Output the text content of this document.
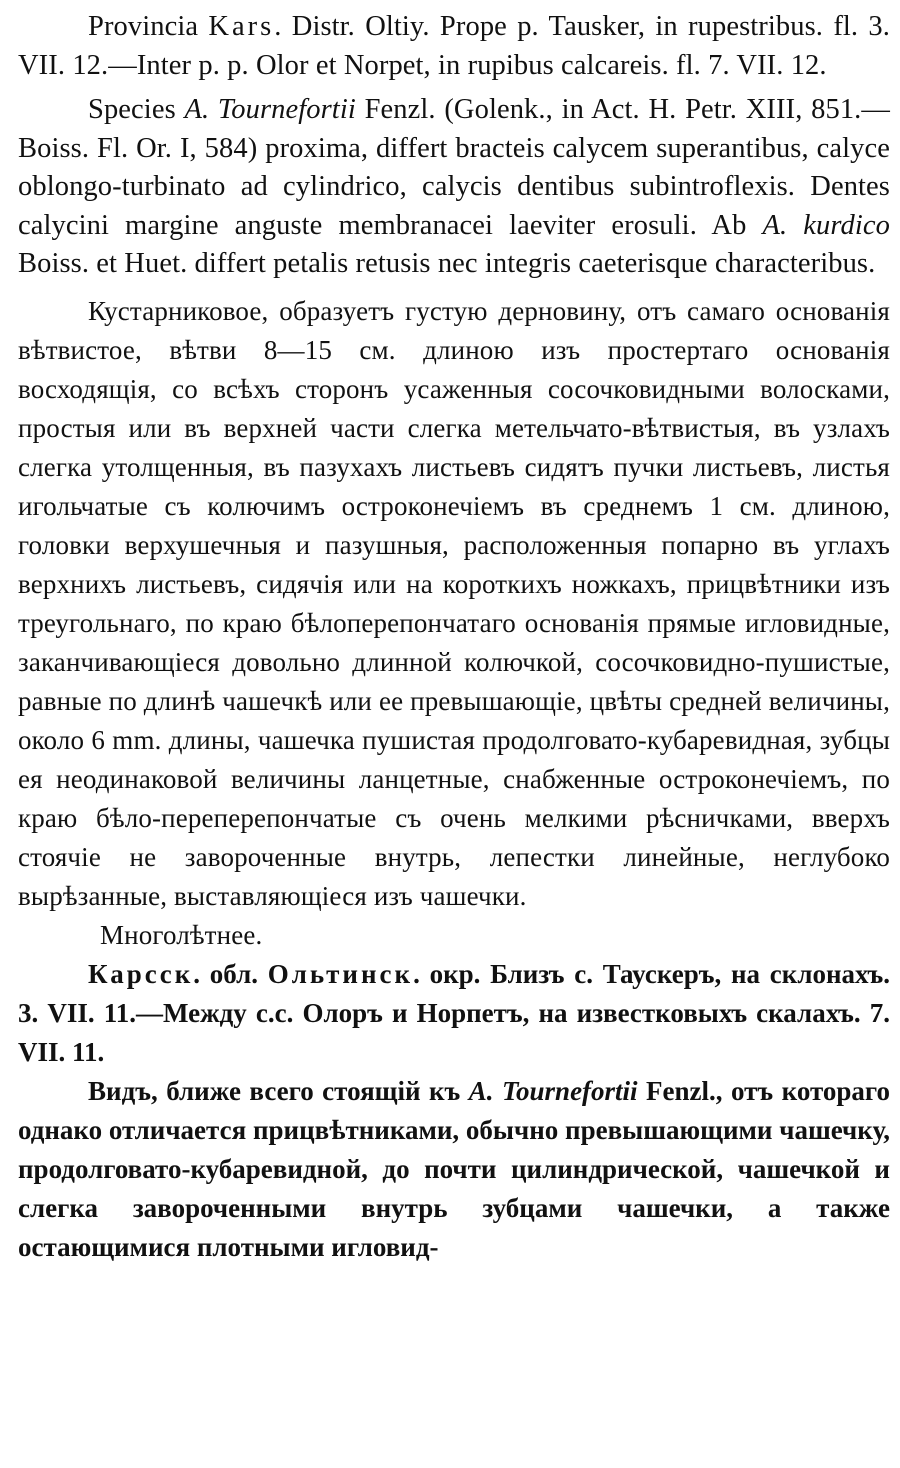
Provincia Kars. Distr. Oltiy. Prope p. Tausker, in rupestribus. fl. 3. VII. 12.—Inter p. p. Olor et Norpet, in rupibus calcareis. fl. 7. VII. 12.

Species A. Tournefortii Fenzl. (Golenk., in Act. H. Petr. XIII, 851.—Boiss. Fl. Or. I, 584) proxima, differt bracteis calycem superantibus, calyce oblongo-turbinato ad cylindrico, calycis dentibus subintroflexis. Dentes calycini margine anguste membranacei laeviter erosuli. Ab A. kurdico Boiss. et Huet. differt petalis retusis nec integris caeterisque characteribus.

Кустарниковое, образуетъ густую дерновину, отъ самаго основанія вѣтвистое, вѣтви 8—15 см. длиною изъ простертаго основанія восходящія, со всѣхъ сторонъ усаженныя сосочковидными волосками, простыя или въ верхней части слегка метельчато-вѣтвистыя, въ узлахъ слегка утолщенныя, въ пазухахъ листьевъ сидятъ пучки листьевъ, листья игольчатые съ колючимъ остроконечіемъ въ среднемъ 1 см. длиною, головки верхушечныя и пазушныя, расположенныя попарно въ углахъ верхнихъ листьевъ, сидячія или на короткихъ ножкахъ, прицвѣтники изъ треугольнаго, по краю бѣлоперепончатаго основанія прямые игловидные, заканчивающіеся довольно длинной колючкой, сосочковидно-пушистые, равные по длинѣ чашечкѣ или ее превышающіе, цвѣты средней величины, около 6 mm. длины, чашечка пушистая продолговато-кубаревидная, зубцы ея неодинаковой величины ланцетные, снабженные остроконечіемъ, по краю бѣло-переперепончатые съ очень мелкими рѣсничками, вверхъ стоячіе не завороченные внутрь, лепестки линейные, неглубоко вырѣзанные, выставляющіеся изъ чашечки.

Многолѣтнее.

Карсск. обл. Ольтинск. окр. Близъ с. Таускеръ, на склонахъ. 3. VII. 11.—Между с.с. Олоръ и Норпетъ, на известковыхъ скалахъ. 7. VII. 11.

Видъ, ближе всего стоящій къ A. Tournefortii Fenzl., отъ котораго однако отличается прицвѣтниками, обычно превышающими чашечку, продолговато-кубаревидной, до почти цилиндрической, чашечкой и слегка завороченными внутрь зубцами чашечки, а также остающимися плотными игловид-
